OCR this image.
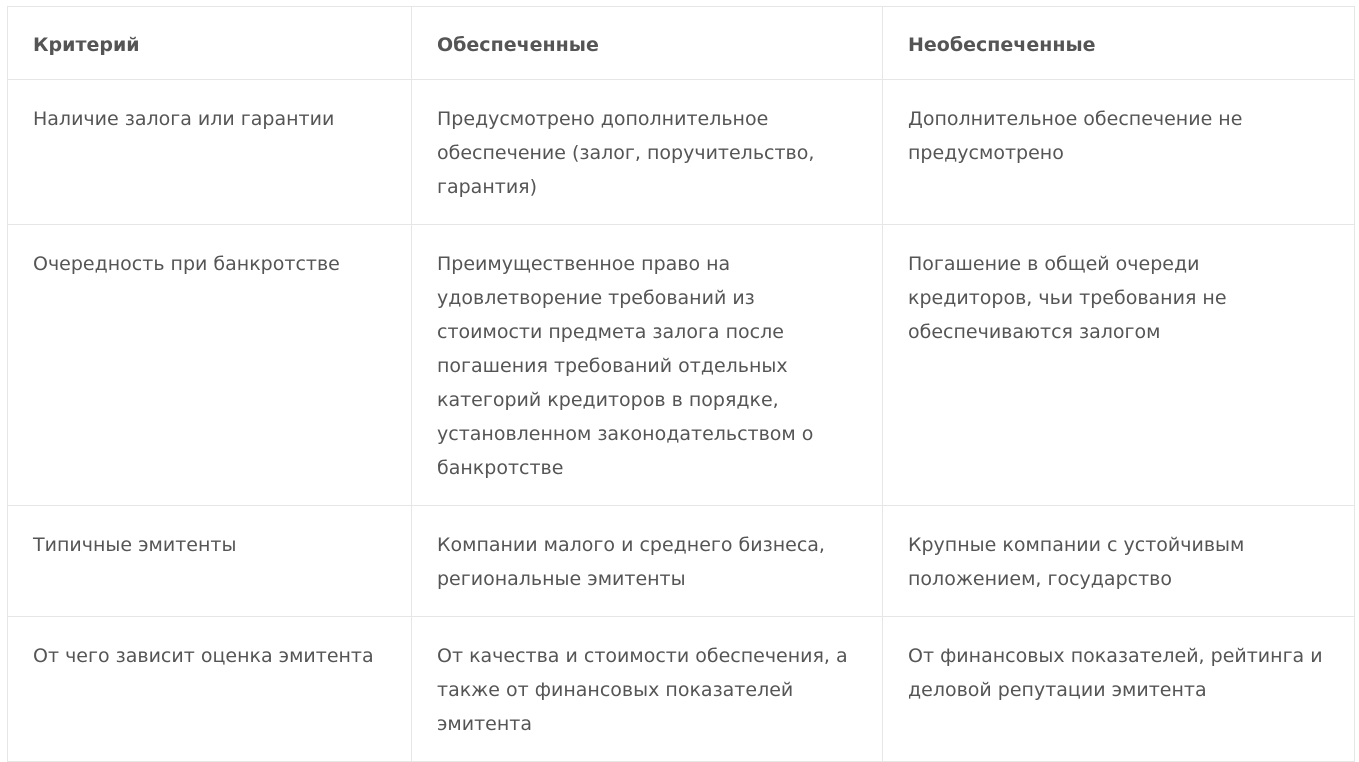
Критерий	Обеспеченные	Необеспеченные

Наличие залога или гарантии	Предусмотрено дополнительное обеспечение (залог, поручительство, гарантия)	Дополнительное обеспечение не предусмотрено

Очередность при банкротстве	Преимущественное право на удовлетворение требований из стоимости предмета залога после погашения требований отдельных категорий кредиторов в порядке, установленном законодательством о банкротстве	Погашение в общей очереди кредиторов, чьи требования не обеспечиваются залогом

Типичные эмитенты	Компании малого и среднего бизнеса, региональные эмитенты	Крупные компании с устойчивым положением, государство

От чего зависит оценка эмитента	От качества и стоимости обеспечения, а также от финансовых показателей эмитента	От финансовых показателей, рейтинга и деловой репутации эмитента
